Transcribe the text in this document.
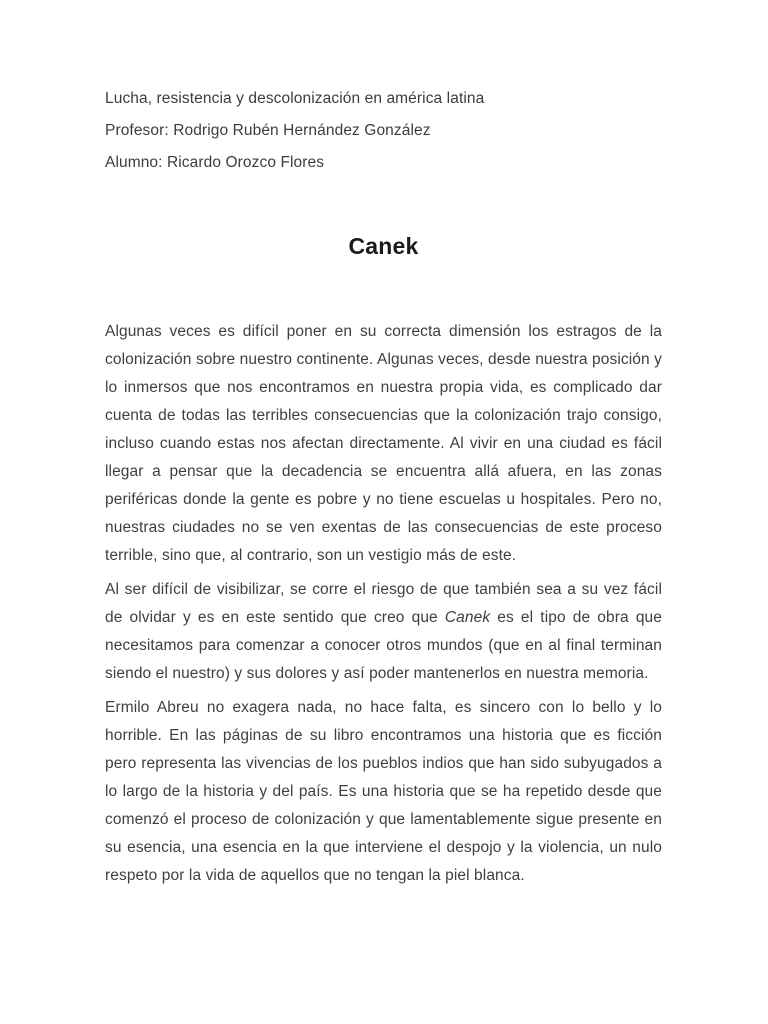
Lucha, resistencia y descolonización en américa latina

Profesor: Rodrigo Rubén Hernández González

Alumno: Ricardo Orozco Flores

Canek

Algunas veces es difícil poner en su correcta dimensión los estragos de la colonización sobre nuestro continente. Algunas veces, desde nuestra posición y lo inmersos que nos encontramos en nuestra propia vida, es complicado dar cuenta de todas las terribles consecuencias que la colonización trajo consigo, incluso cuando estas nos afectan directamente. Al vivir en una ciudad es fácil llegar a pensar que la decadencia se encuentra allá afuera, en las zonas periféricas donde la gente es pobre y no tiene escuelas u hospitales. Pero no, nuestras ciudades no se ven exentas de las consecuencias de este proceso terrible, sino que, al contrario, son un vestigio más de este.

Al ser difícil de visibilizar, se corre el riesgo de que también sea a su vez fácil de olvidar y es en este sentido que creo que Canek es el tipo de obra que necesitamos para comenzar a conocer otros mundos (que en al final terminan siendo el nuestro) y sus dolores y así poder mantenerlos en nuestra memoria.

Ermilo Abreu no exagera nada, no hace falta, es sincero con lo bello y lo horrible. En las páginas de su libro encontramos una historia que es ficción pero representa las vivencias de los pueblos indios que han sido subyugados a lo largo de la historia y del país. Es una historia que se ha repetido desde que comenzó el proceso de colonización y que lamentablemente sigue presente en su esencia, una esencia en la que interviene el despojo y la violencia, un nulo respeto por la vida de aquellos que no tengan la piel blanca.
